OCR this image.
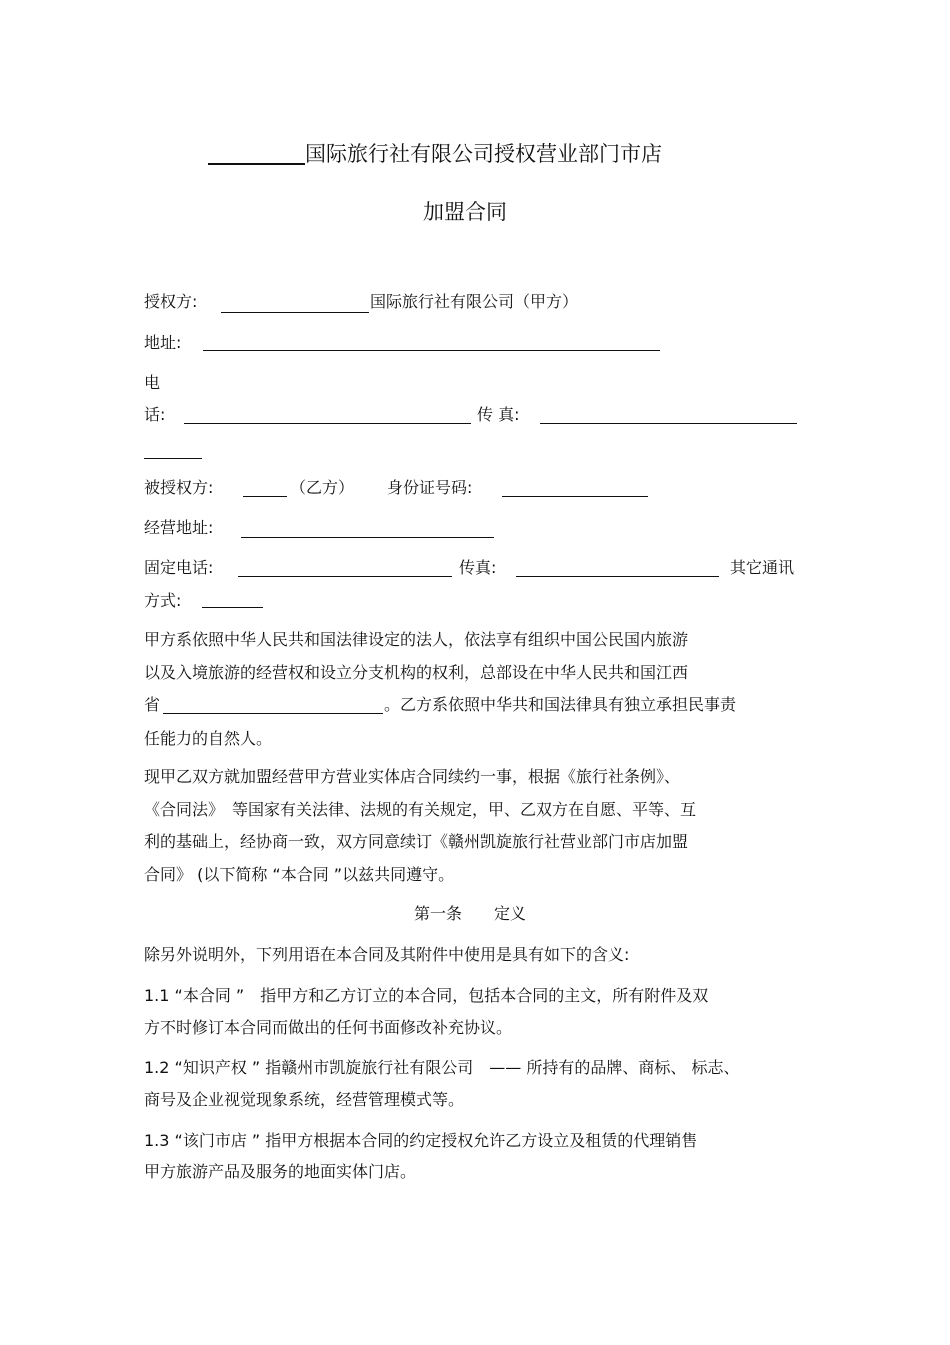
国际旅行社有限公司授权营业部门市店
加盟合同
授权方:	国际旅行社有限公司（甲方）
地址:
电
话:	传 真:
被授权方:	（乙方） 身份证号码:
经营地址:
固定电话:	传真:	其它通讯
方式:
甲方系依照中华人民共和国法律设定的法人，依法享有组织中国公民国内旅游
以及入境旅游的经营权和设立分支机构的权利，总部设在中华人民共和国江西
省	。乙方系依照中华共和国法律具有独立承担民事责
任能力的自然人。
现甲乙双方就加盟经营甲方营业实体店合同续约一事，根据《旅行社条例》、
《合同法》　等国家有关法律、法规的有关规定，甲、乙双方在自愿、平等、互
利的基础上，经协商一致，双方同意续订《赣州凯旋旅行社营业部门市店加盟
合同》 (以下简称 “本合同 ”以兹共同遵守。
第一条　　定义
除另外说明外，下列用语在本合同及其附件中使用是具有如下的含义:
1.1 “本合同 ”　指甲方和乙方订立的本合同，包括本合同的主文，所有附件及双
方不时修订本合同而做出的任何书面修改补充协议。
1.2 “知识产权 ” 指赣州市凯旋旅行社有限公司　—— 所持有的品牌、商标、 标志、
商号及企业视觉现象系统，经营管理模式等。
1.3 “该门市店 ” 指甲方根据本合同的约定授权允许乙方设立及租赁的代理销售
甲方旅游产品及服务的地面实体门店。
